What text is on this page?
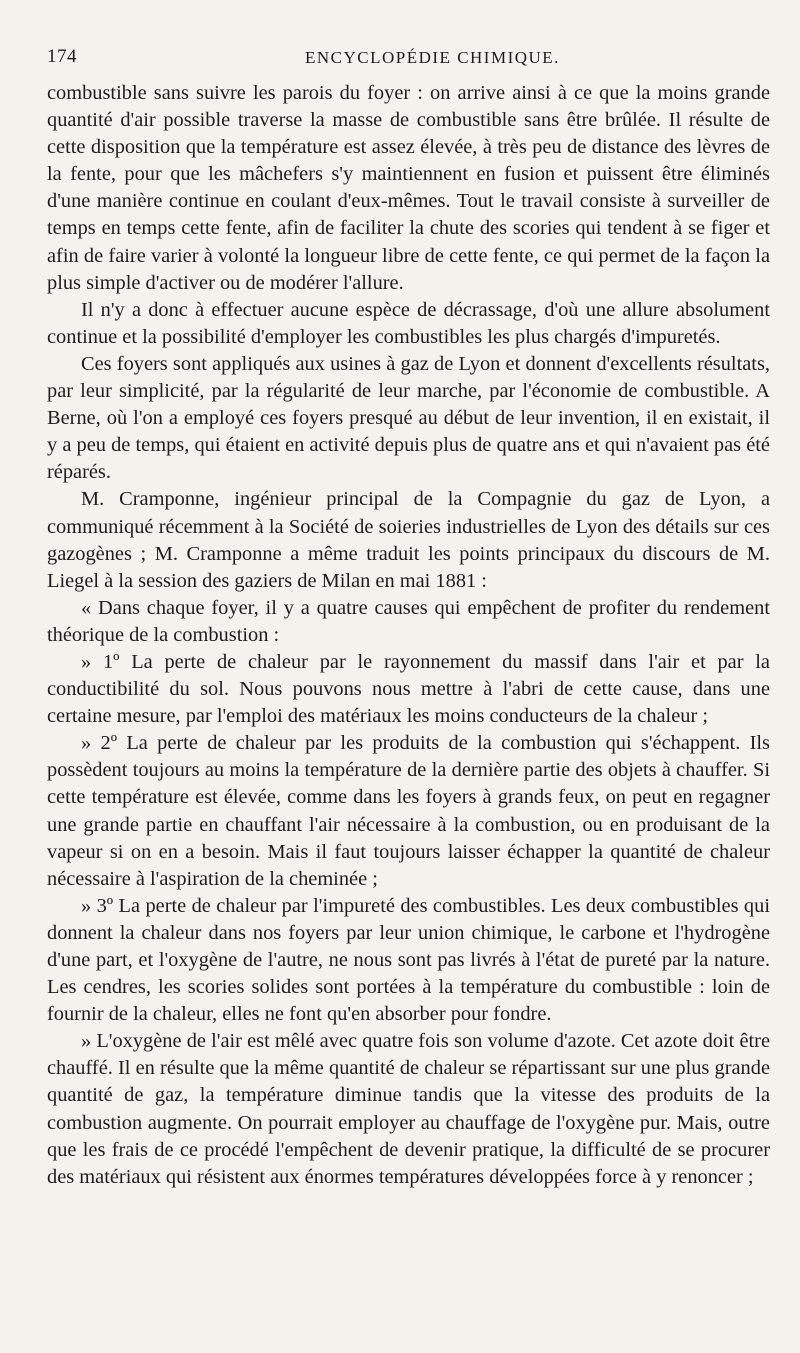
174	ENCYCLOPÉDIE CHIMIQUE.

combustible sans suivre les parois du foyer : on arrive ainsi à ce que la moins grande quantité d'air possible traverse la masse de combustible sans être brûlée. Il résulte de cette disposition que la température est assez élevée, à très peu de distance des lèvres de la fente, pour que les mâchefers s'y maintiennent en fusion et puissent être éliminés d'une manière continue en coulant d'eux-mêmes. Tout le travail consiste à surveiller de temps en temps cette fente, afin de faciliter la chute des scories qui tendent à se figer et afin de faire varier à volonté la longueur libre de cette fente, ce qui permet de la façon la plus simple d'activer ou de modérer l'allure.

Il n'y a donc à effectuer aucune espèce de décrassage, d'où une allure absolument continue et la possibilité d'employer les combustibles les plus chargés d'impuretés.

Ces foyers sont appliqués aux usines à gaz de Lyon et donnent d'excellents résultats, par leur simplicité, par la régularité de leur marche, par l'économie de combustible. A Berne, où l'on a employé ces foyers presqué au début de leur invention, il en existait, il y a peu de temps, qui étaient en activité depuis plus de quatre ans et qui n'avaient pas été réparés.

M. Cramponne, ingénieur principal de la Compagnie du gaz de Lyon, a communiqué récemment à la Société de soieries industrielles de Lyon des détails sur ces gazogènes ; M. Cramponne a même traduit les points principaux du discours de M. Liegel à la session des gaziers de Milan en mai 1881 :

« Dans chaque foyer, il y a quatre causes qui empêchent de profiter du rendement théorique de la combustion :

» 1º La perte de chaleur par le rayonnement du massif dans l'air et par la conductibilité du sol. Nous pouvons nous mettre à l'abri de cette cause, dans une certaine mesure, par l'emploi des matériaux les moins conducteurs de la chaleur ;

» 2º La perte de chaleur par les produits de la combustion qui s'échappent. Ils possèdent toujours au moins la température de la dernière partie des objets à chauffer. Si cette température est élevée, comme dans les foyers à grands feux, on peut en regagner une grande partie en chauffant l'air nécessaire à la combustion, ou en produisant de la vapeur si on en a besoin. Mais il faut toujours laisser échapper la quantité de chaleur nécessaire à l'aspiration de la cheminée ;

» 3º La perte de chaleur par l'impureté des combustibles. Les deux combustibles qui donnent la chaleur dans nos foyers par leur union chimique, le carbone et l'hydrogène d'une part, et l'oxygène de l'autre, ne nous sont pas livrés à l'état de pureté par la nature. Les cendres, les scories solides sont portées à la température du combustible : loin de fournir de la chaleur, elles ne font qu'en absorber pour fondre.

» L'oxygène de l'air est mêlé avec quatre fois son volume d'azote. Cet azote doit être chauffé. Il en résulte que la même quantité de chaleur se répartissant sur une plus grande quantité de gaz, la température diminue tandis que la vitesse des produits de la combustion augmente. On pourrait employer au chauffage de l'oxygène pur. Mais, outre que les frais de ce procédé l'empêchent de devenir pratique, la difficulté de se procurer des matériaux qui résistent aux énormes températures développées force à y renoncer ;
